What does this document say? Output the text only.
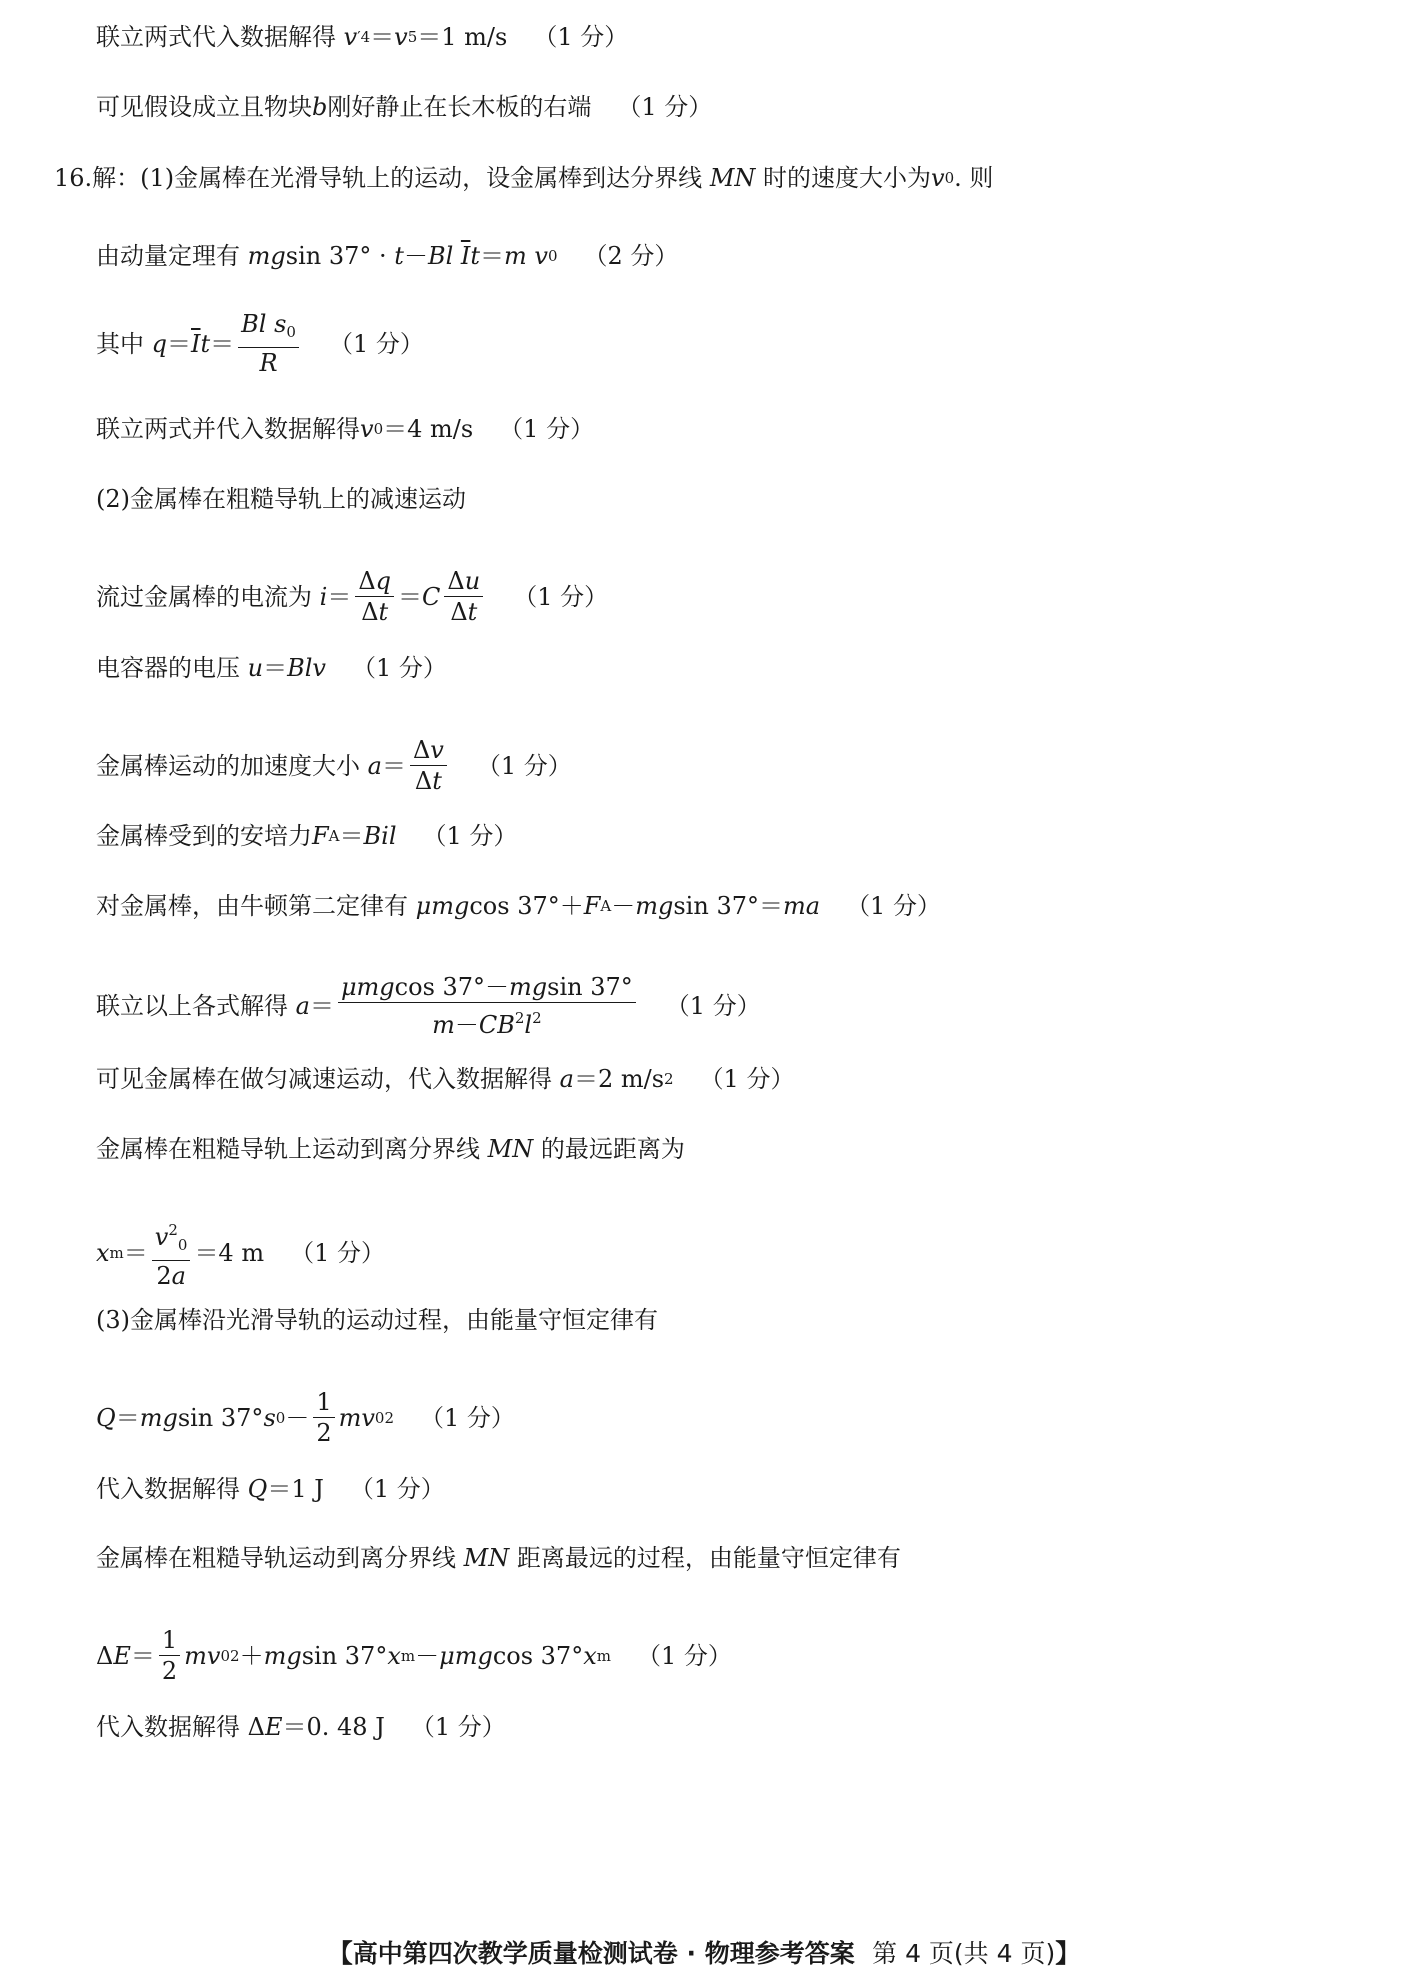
联立两式代入数据解得
v ′ 4 ＝ v 5 ＝1 m/s （1 分）
可见假设成立且物块 b 刚好静止在长木板的右端 （1 分）
16. 解：(1)金属棒在光滑导轨上的运动，设金属棒到达分界线
MN
时的速度大小为 v 0 . 则
由动量定理有
mg sin 37° · t － Bl
$\overline{I}$ t ＝ m v 0 （2 分）
其中
$q = \overline{I}$ $t = \frac{Bl s_0}{R} (1$ 分）
联立两式并代入数据解得 v 0 ＝4 m/s （1 分）
(2)金属棒在粗糙导轨上的减速运动
流过金属棒的电流为
$i = \frac{\Delta q}{\Delta t} = C \frac{\Delta u}{\Delta t} (1$ 分）
电容器的电压
u ＝ Blv （1 分）
金属棒运动的加速度大小
$a = \frac{\Delta v}{\Delta t} (1$ 分）
金属棒受到的安培力 F A ＝ Bil （1 分）
对金属棒，由牛顿第二定律有
μmg cos 37° ＋ F A － mg sin 37° ＝ ma （1 分）
联立以上各式解得
$a = \frac{\text{μmgcos 37°－mgsin 37°}}{m-CB^2l^2} (1$ 分）
可见金属棒在做匀减速运动，代入数据解得
a ＝2 m/s 2 （1 分）
金属棒在粗糙导轨上运动到离分界线
MN
的最远距离为
x $m = \frac{v^2_0}{2a} =4$ m （1 分）
(3)金属棒沿光滑导轨的运动过程，由能量守恒定律有
Q ＝ mg sin 37° s $0 - \frac{1}{2}$ mv 0 2 （1 分）
代入数据解得
Q ＝1 J （1 分）
金属棒在粗糙导轨运动到离分界线
MN
距离最远的过程，由能量守恒定律有
Δ $E = \frac{1}{2}$ mv 0 2 ＋ mg sin 37° x m － μmg cos 37° x m （1 分）
代入数据解得
Δ E ＝0. 48 J （1 分）
【高中第四次教学质量检测试卷 · 物理参考答案 第 4 页(共 4 页)】
